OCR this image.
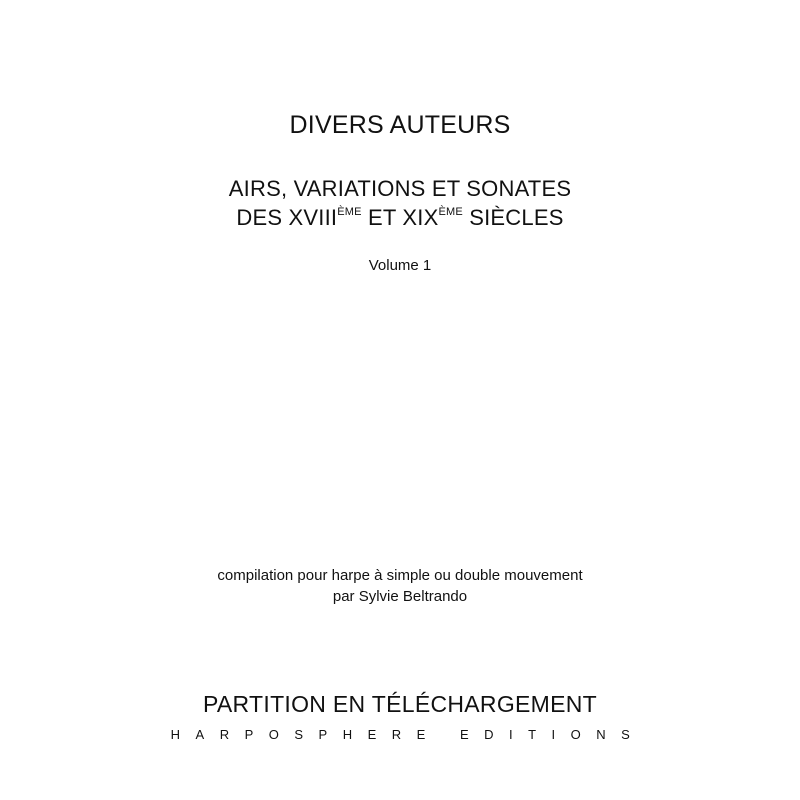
DIVERS AUTEURS

AIRS, VARIATIONS ET SONATES

DES XVIIIÈME ET XIXÈME SIÈCLES

Volume 1

compilation pour harpe à simple ou double mouvement

par Sylvie Beltrando

PARTITION EN TÉLÉCHARGEMENT

HARPOSPHERE EDITIONS
